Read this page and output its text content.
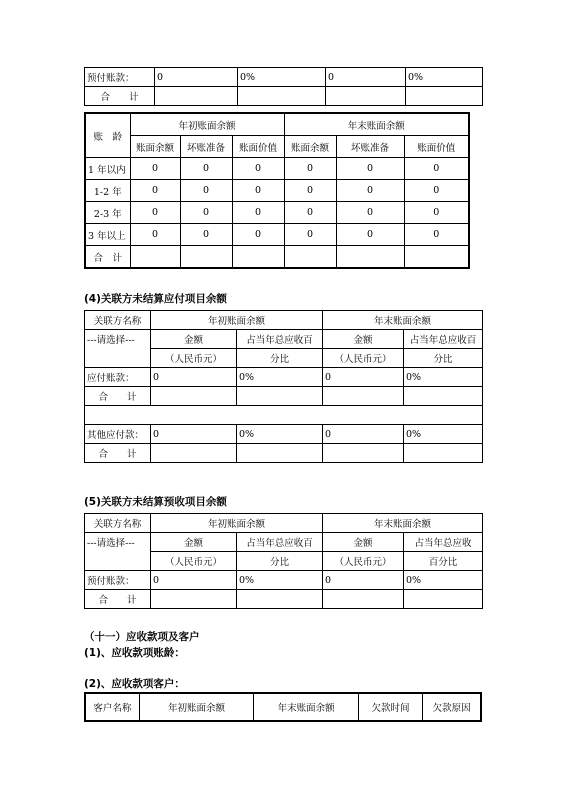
预付账款：	0	0%	0	0%
合　　计				
账　龄	年初账面余额			年末账面余额		
	账面余额	坏账准备	账面价值	账面余额	坏账准备	账面价值
1 年以内	0	0	0	0	0	0
1-2 年	0	0	0	0	0	0
2-3 年	0	0	0	0	0	0
3 年以上	0	0	0	0	0	0
合　计						
(4)关联方未结算应付项目余额
关联方名称	年初账面余额		年末账面余额	
---请选择---	金额	占当年总应收百	金额	占当年总应收百
	（人民币元）	分比	（人民币元）	分比
应付账款：	0	0%	0	0%
合　　计				

其他应付款：	0	0%	0	0%
合　　计				
(5)关联方未结算预收项目余额
关联方名称	年初账面余额		年末账面余额	
---请选择---	金额	占当年总应收百	金额	占当年总应收
	（人民币元）	分比	（人民币元）	百分比
预付账款：	0	0%	0	0%
合　　计				
（十一）应收款项及客户
(1)、应收款项账龄：
(2)、应收款项客户：
客户名称	年初账面余额	年末账面余额	欠款时间	欠款原因
